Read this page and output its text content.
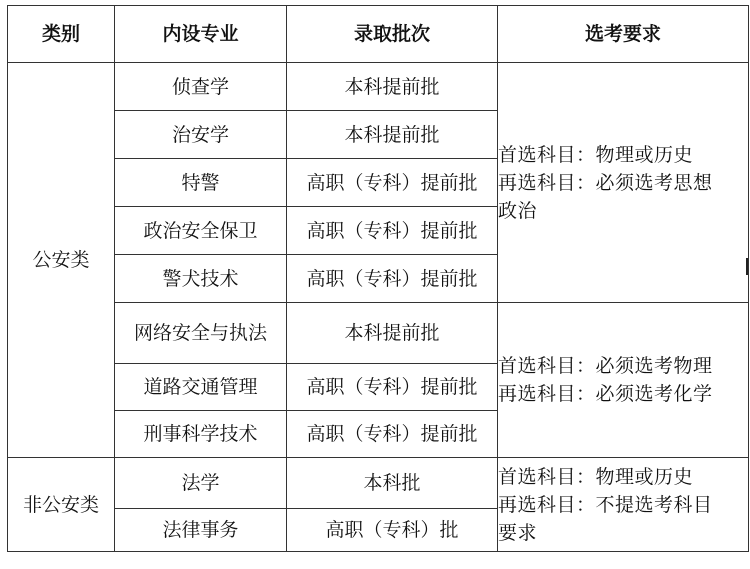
类别	内设专业	录取批次	选考要求
公安类	侦查学	本科提前批	首选科目：物理或历史
再选科目：必须选考思想
政治

	治安学	本科提前批	
	特警	高职（专科）提前批	
	政治安全保卫	高职（专科）提前批	
	警犬技术	高职（专科）提前批	
	网络安全与执法	本科提前批	首选科目：必须选考物理
再选科目：必须选考化学

	道路交通管理	高职（专科）提前批	
	刑事科学技术	高职（专科）提前批	
非公安类	法学	本科批	首选科目：物理或历史
再选科目：不提选考科目
要求

	法律事务	高职（专科）批	
